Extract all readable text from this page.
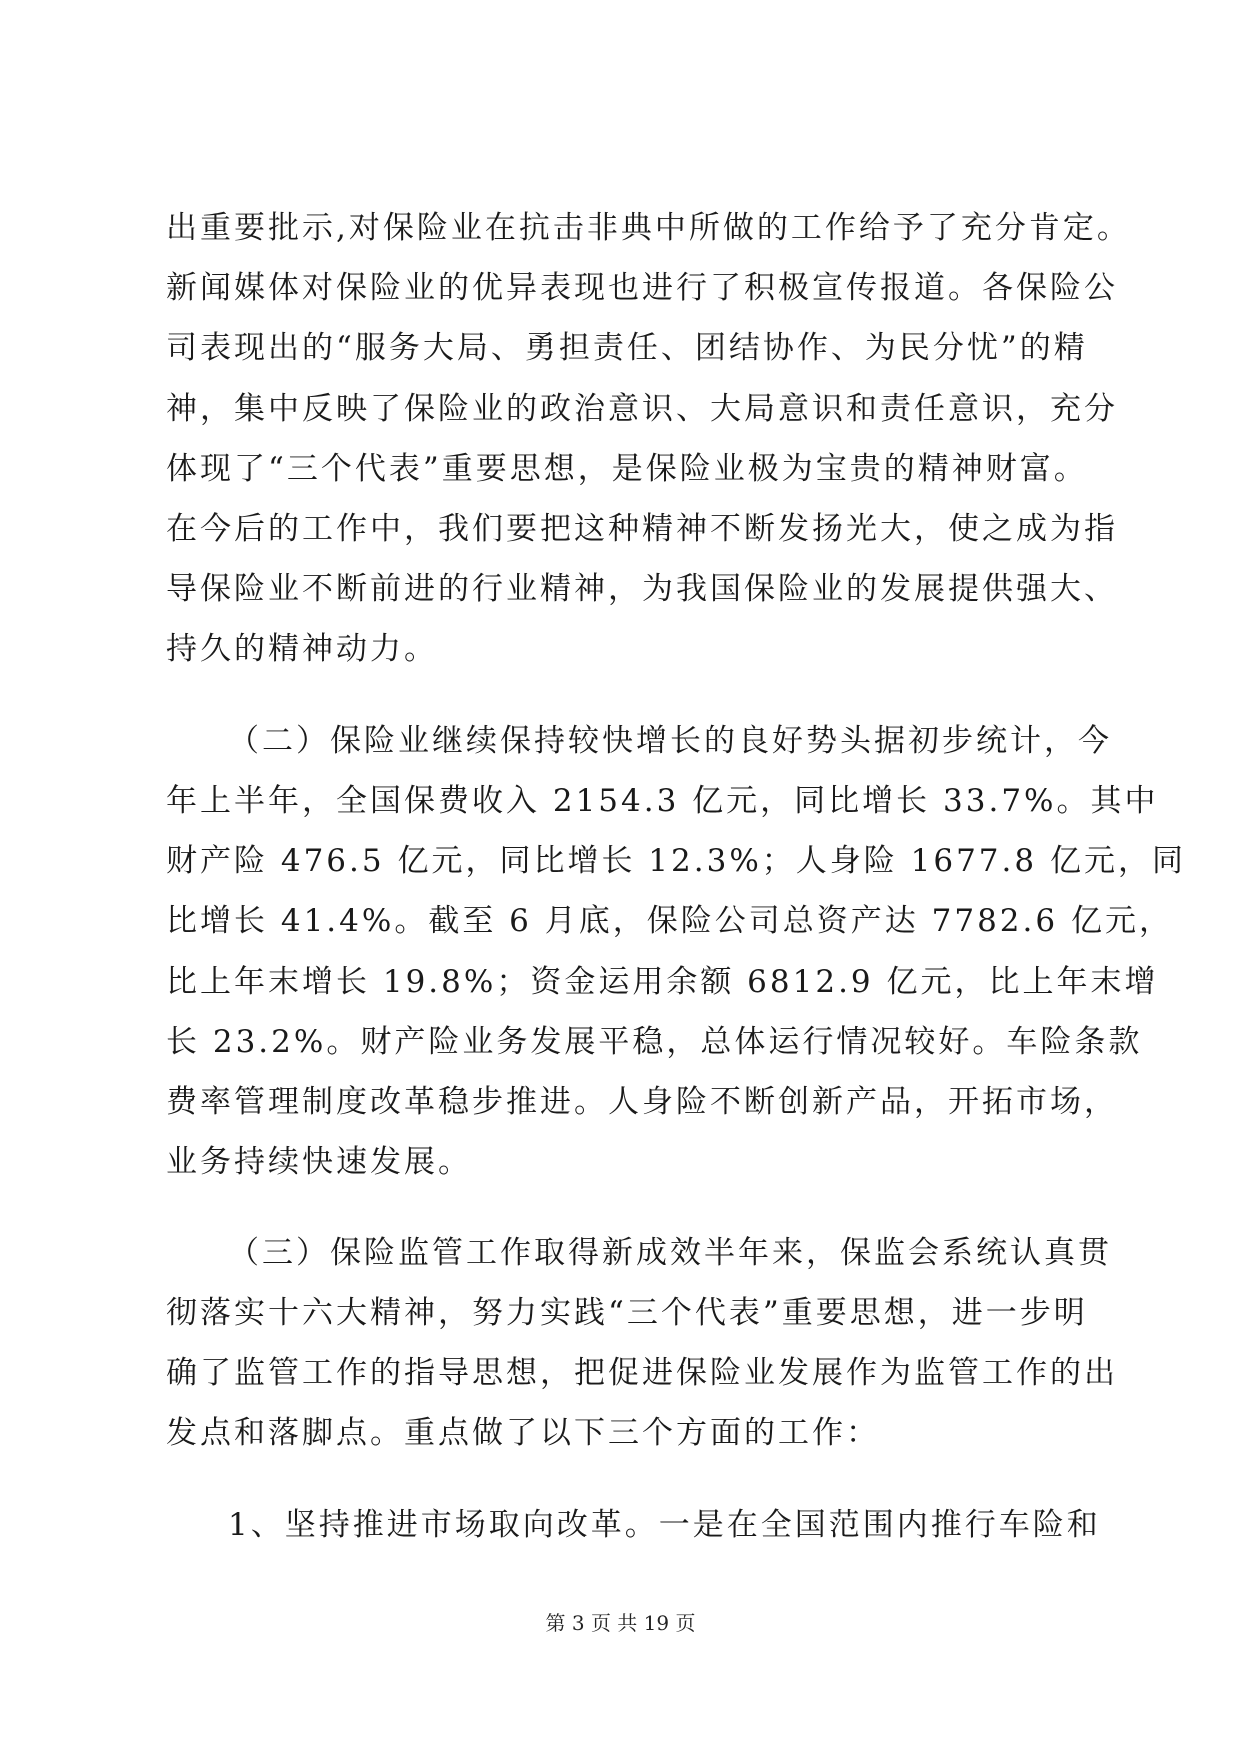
出重要批示,对保险业在抗击非典中所做的工作给予了充分肯定。
新闻媒体对保险业的优异表现也进行了积极宣传报道。各保险公
司表现出的“服务大局、勇担责任、团结协作、为民分忧”的精
神，集中反映了保险业的政治意识、大局意识和责任意识，充分
体现了“三个代表”重要思想，是保险业极为宝贵的精神财富。
在今后的工作中，我们要把这种精神不断发扬光大，使之成为指
导保险业不断前进的行业精神，为我国保险业的发展提供强大、
持久的精神动力。
（二）保险业继续保持较快增长的良好势头据初步统计，今
年上半年，全国保费收入 2154.3 亿元，同比增长 33.7%。其中
财产险 476.5 亿元，同比增长 12.3%；人身险 1677.8 亿元，同
比增长 41.4%。截至 6 月底，保险公司总资产达 7782.6 亿元，
比上年末增长 19.8%；资金运用余额 6812.9 亿元，比上年末增
长 23.2%。财产险业务发展平稳，总体运行情况较好。车险条款
费率管理制度改革稳步推进。人身险不断创新产品，开拓市场，
业务持续快速发展。
（三）保险监管工作取得新成效半年来，保监会系统认真贯
彻落实十六大精神，努力实践“三个代表”重要思想，进一步明
确了监管工作的指导思想，把促进保险业发展作为监管工作的出
发点和落脚点。重点做了以下三个方面的工作：
1、坚持推进市场取向改革。一是在全国范围内推行车险和
第 3 页 共 19 页
